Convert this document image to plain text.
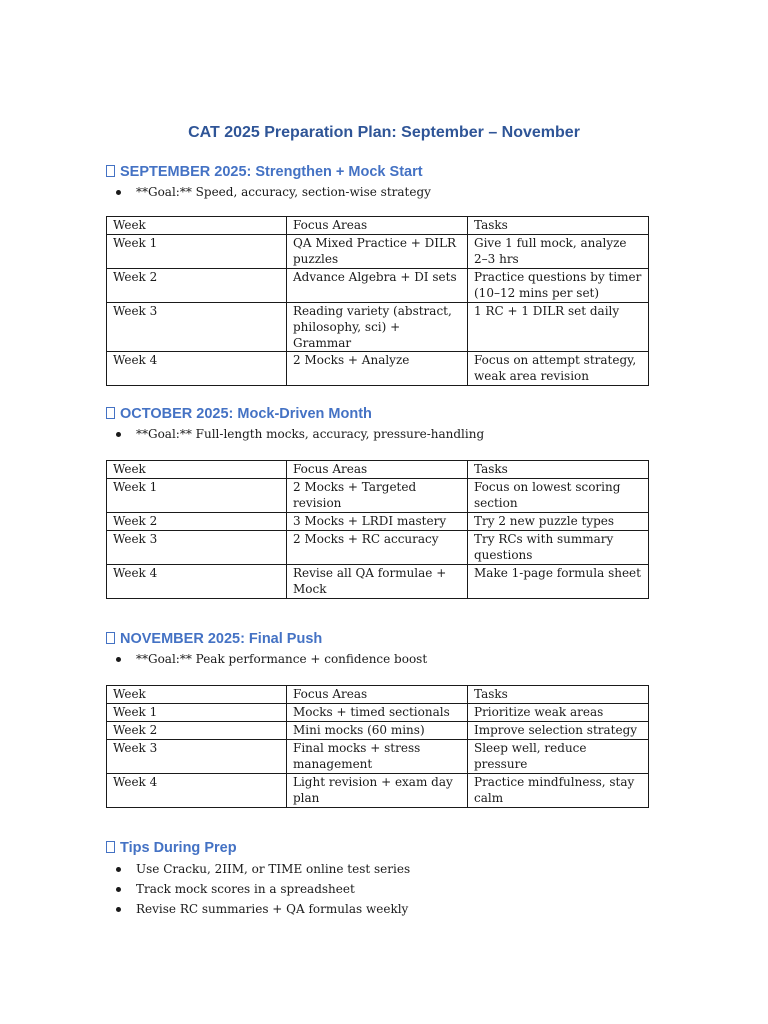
CAT 2025 Preparation Plan: September – November
SEPTEMBER 2025: Strengthen + Mock Start
**Goal:** Speed, accuracy, section-wise strategy
Week	Focus Areas	Tasks
Week 1	QA Mixed Practice + DILR puzzles	Give 1 full mock, analyze 2–3 hrs
Week 2	Advance Algebra + DI sets	Practice questions by timer (10–12 mins per set)
Week 3	Reading variety (abstract, philosophy, sci) + Grammar	1 RC + 1 DILR set daily
Week 4	2 Mocks + Analyze	Focus on attempt strategy, weak area revision
OCTOBER 2025: Mock-Driven Month
**Goal:** Full-length mocks, accuracy, pressure-handling
Week	Focus Areas	Tasks
Week 1	2 Mocks + Targeted revision	Focus on lowest scoring section
Week 2	3 Mocks + LRDI mastery	Try 2 new puzzle types
Week 3	2 Mocks + RC accuracy	Try RCs with summary questions
Week 4	Revise all QA formulae + Mock	Make 1-page formula sheet
NOVEMBER 2025: Final Push
**Goal:** Peak performance + confidence boost
Week	Focus Areas	Tasks
Week 1	Mocks + timed sectionals	Prioritize weak areas
Week 2	Mini mocks (60 mins)	Improve selection strategy
Week 3	Final mocks + stress management	Sleep well, reduce pressure
Week 4	Light revision + exam day plan	Practice mindfulness, stay calm
Tips During Prep
Use Cracku, 2IIM, or TIME online test series
Track mock scores in a spreadsheet
Revise RC summaries + QA formulas weekly
